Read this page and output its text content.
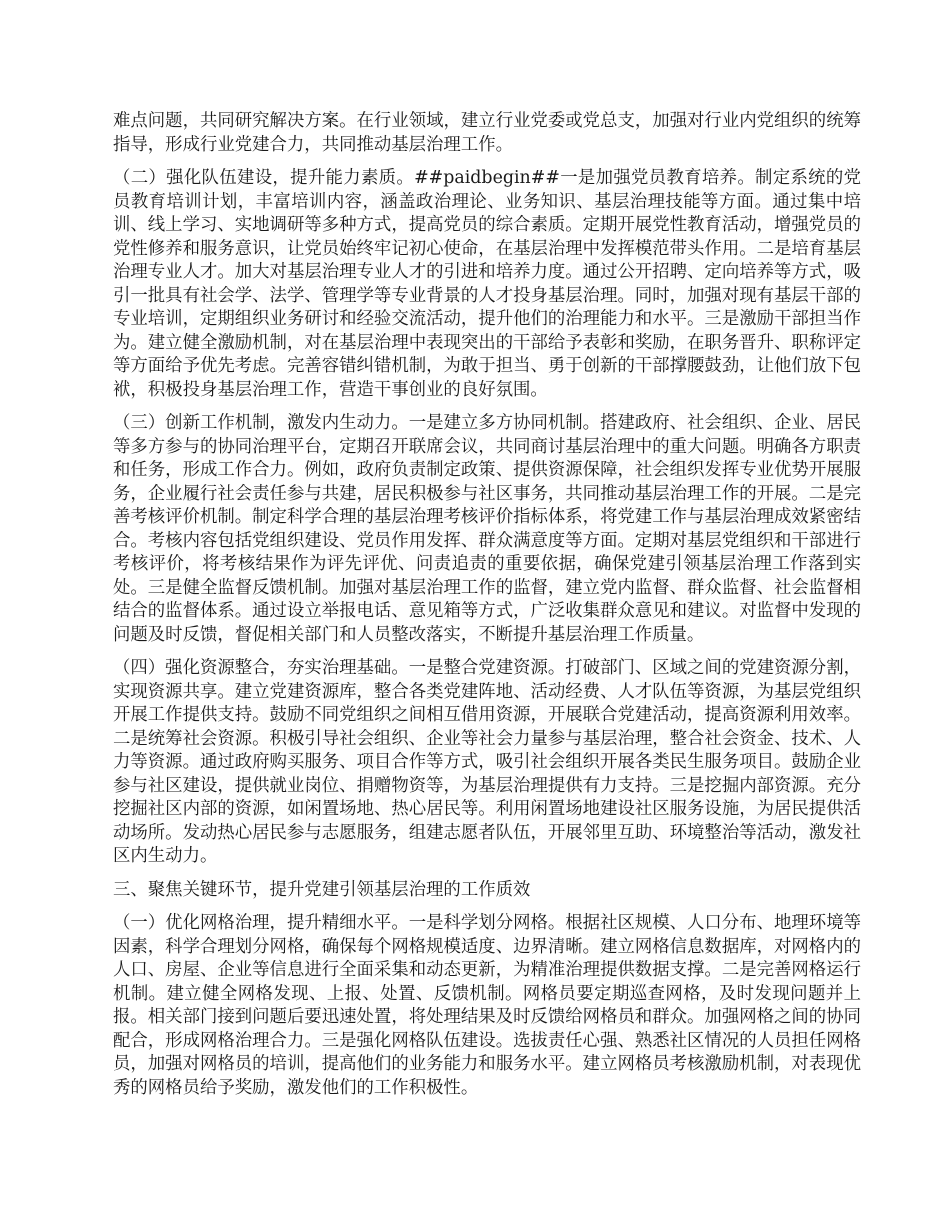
难点问题，共同研究解决方案。在行业领域，建立行业党委或党总支，加强对行业内党组织的统筹指导，形成行业党建合力，共同推动基层治理工作。

（二）强化队伍建设，提升能力素质。##paidbegin##一是加强党员教育培养。制定系统的党员教育培训计划，丰富培训内容，涵盖政治理论、业务知识、基层治理技能等方面。通过集中培训、线上学习、实地调研等多种方式，提高党员的综合素质。定期开展党性教育活动，增强党员的党性修养和服务意识，让党员始终牢记初心使命，在基层治理中发挥模范带头作用。二是培育基层治理专业人才。加大对基层治理专业人才的引进和培养力度。通过公开招聘、定向培养等方式，吸引一批具有社会学、法学、管理学等专业背景的人才投身基层治理。同时，加强对现有基层干部的专业培训，定期组织业务研讨和经验交流活动，提升他们的治理能力和水平。三是激励干部担当作为。建立健全激励机制，对在基层治理中表现突出的干部给予表彰和奖励，在职务晋升、职称评定等方面给予优先考虑。完善容错纠错机制，为敢于担当、勇于创新的干部撑腰鼓劲，让他们放下包袱，积极投身基层治理工作，营造干事创业的良好氛围。

（三）创新工作机制，激发内生动力。一是建立多方协同机制。搭建政府、社会组织、企业、居民等多方参与的协同治理平台，定期召开联席会议，共同商讨基层治理中的重大问题。明确各方职责和任务，形成工作合力。例如，政府负责制定政策、提供资源保障，社会组织发挥专业优势开展服务，企业履行社会责任参与共建，居民积极参与社区事务，共同推动基层治理工作的开展。二是完善考核评价机制。制定科学合理的基层治理考核评价指标体系，将党建工作与基层治理成效紧密结合。考核内容包括党组织建设、党员作用发挥、群众满意度等方面。定期对基层党组织和干部进行考核评价，将考核结果作为评先评优、问责追责的重要依据，确保党建引领基层治理工作落到实处。三是健全监督反馈机制。加强对基层治理工作的监督，建立党内监督、群众监督、社会监督相结合的监督体系。通过设立举报电话、意见箱等方式，广泛收集群众意见和建议。对监督中发现的问题及时反馈，督促相关部门和人员整改落实，不断提升基层治理工作质量。

（四）强化资源整合，夯实治理基础。一是整合党建资源。打破部门、区域之间的党建资源分割，实现资源共享。建立党建资源库，整合各类党建阵地、活动经费、人才队伍等资源，为基层党组织开展工作提供支持。鼓励不同党组织之间相互借用资源，开展联合党建活动，提高资源利用效率。二是统筹社会资源。积极引导社会组织、企业等社会力量参与基层治理，整合社会资金、技术、人力等资源。通过政府购买服务、项目合作等方式，吸引社会组织开展各类民生服务项目。鼓励企业参与社区建设，提供就业岗位、捐赠物资等，为基层治理提供有力支持。三是挖掘内部资源。充分挖掘社区内部的资源，如闲置场地、热心居民等。利用闲置场地建设社区服务设施，为居民提供活动场所。发动热心居民参与志愿服务，组建志愿者队伍，开展邻里互助、环境整治等活动，激发社区内生动力。

三、聚焦关键环节，提升党建引领基层治理的工作质效

（一）优化网格治理，提升精细水平。一是科学划分网格。根据社区规模、人口分布、地理环境等因素，科学合理划分网格，确保每个网格规模适度、边界清晰。建立网格信息数据库，对网格内的人口、房屋、企业等信息进行全面采集和动态更新，为精准治理提供数据支撑。二是完善网格运行机制。建立健全网格发现、上报、处置、反馈机制。网格员要定期巡查网格，及时发现问题并上报。相关部门接到问题后要迅速处置，将处理结果及时反馈给网格员和群众。加强网格之间的协同配合，形成网格治理合力。三是强化网格队伍建设。选拔责任心强、熟悉社区情况的人员担任网格员，加强对网格员的培训，提高他们的业务能力和服务水平。建立网格员考核激励机制，对表现优秀的网格员给予奖励，激发他们的工作积极性。
